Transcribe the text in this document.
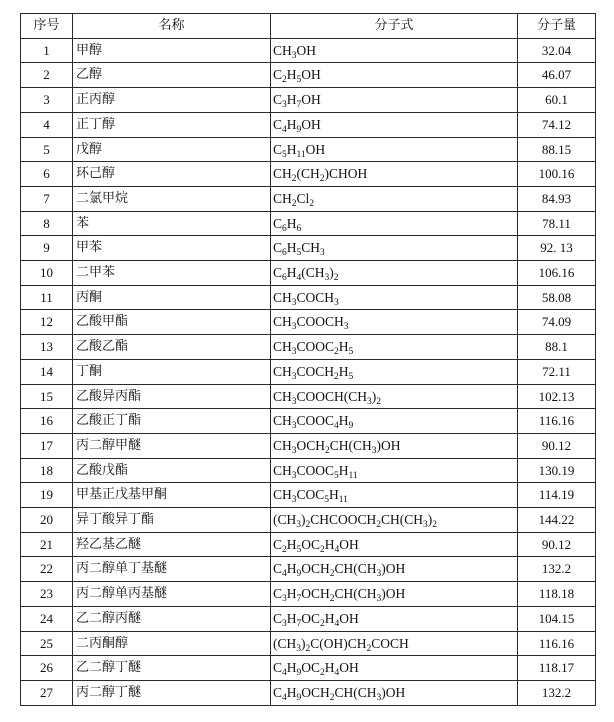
序号	名称	分子式	分子量
1	甲醇	$CH_3OH$	32.04
2	乙醇	$C_2H_5OH$	46.07
3	正丙醇	$C_3H_7OH$	60.1
4	正丁醇	$C_4H_9OH$	74.12
5	戊醇	$C_5H_{11}OH$	88.15
6	环己醇	$CH_2(CH_2)CHOH$	100.16
7	二氯甲烷	$CH_2Cl_2$	84.93
8	苯	$C_6H_6$	78.11
9	甲苯	$C_6H_5CH_3$	92. 13
10	二甲苯	$C_6H_4(CH_3)_2$	106.16
11	丙酮	$CH_3COCH_3$	58.08
12	乙酸甲酯	$CH_3COOCH_3$	74.09
13	乙酸乙酯	$CH_3COOC_2H_5$	88.1
14	丁酮	$CH_3COCH_2H_5$	72.11
15	乙酸异丙酯	$CH_3COOCH(CH_3)_2$	102.13
16	乙酸正丁酯	$CH_3COOC_4H_9$	116.16
17	丙二醇甲醚	$CH_3OCH_2CH(CH_3)OH$	90.12
18	乙酸戊酯	$CH_3COOC_5H_{11}$	130.19
19	甲基正戊基甲酮	$CH_3COC_5H_{11}$	114.19
20	异丁酸异丁酯	$(CH_3)_2CHCOOCH_2CH(CH_3)_2$	144.22
21	羟乙基乙醚	$C_2H_5OC_2H_4OH$	90.12
22	丙二醇单丁基醚	$C_4H_9OCH_2CH(CH_3)OH$	132.2
23	丙二醇单丙基醚	$C_3H_7OCH_2CH(CH_3)OH$	118.18
24	乙二醇丙醚	$C_3H_7OC_2H_4OH$	104.15
25	二丙酮醇	$(CH_3)_2C(OH)CH_2COCH$	116.16
26	乙二醇丁醚	$C_4H_9OC_2H_4OH$	118.17
27	丙二醇丁醚	$C_4H_9OCH_2CH(CH_3)OH$	132.2
